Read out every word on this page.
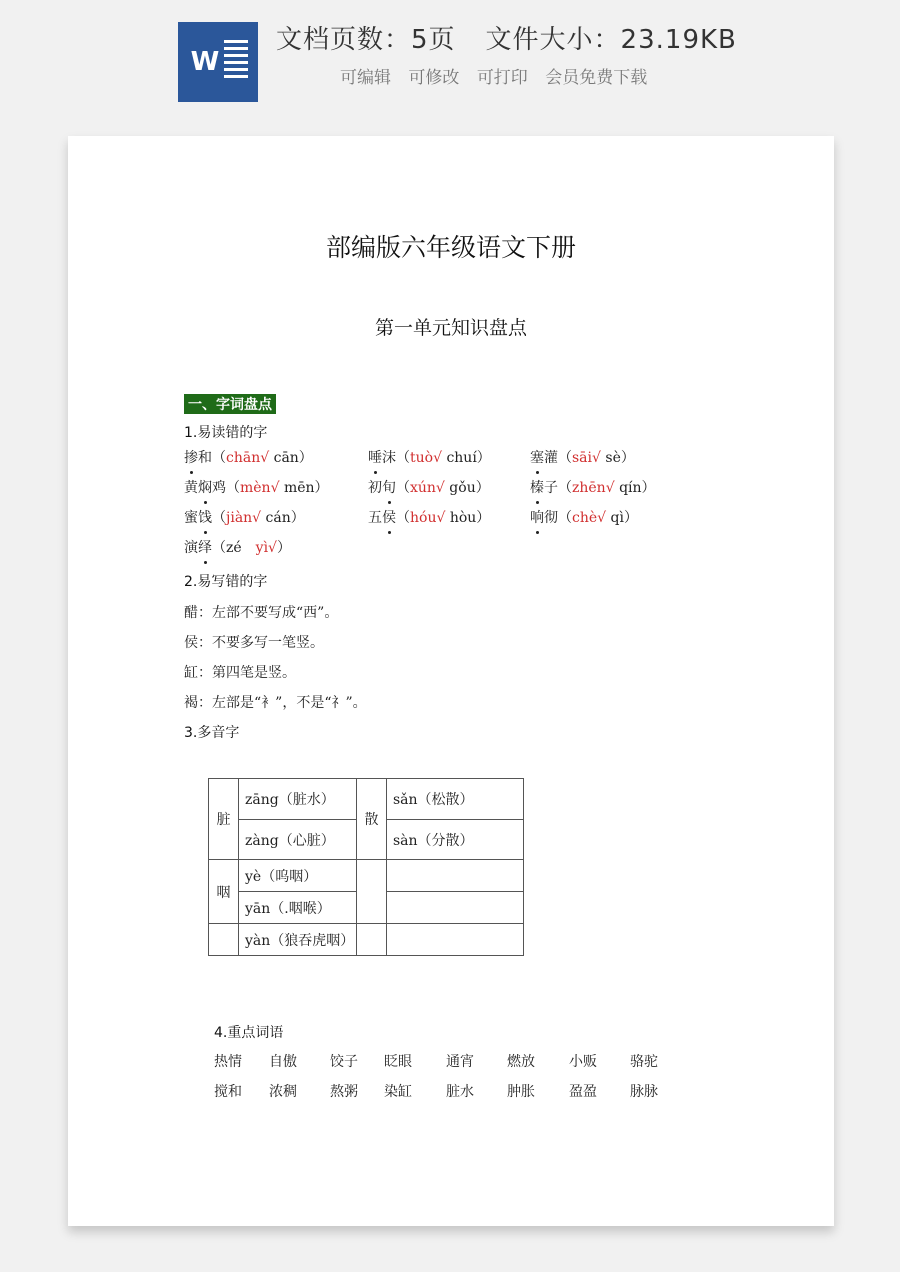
W
文档页数：5页 文件大小：23.19KB
可编辑 可修改 可打印 会员免费下载
部编版六年级语文下册
第一单元知识盘点
一、字词盘点
1.易读错的字
掺和（chān√ cān）	唾沫（tuò√ chuí）	塞灌（sāi√ sè）
黄焖鸡（mèn√ mēn）	初旬（xún√ gǒu）	榛子（zhēn√ qín）
蜜饯（jiàn√ cán）	五侯（hóu√ hòu）	响彻（chè√ qì）
演绎（zé　yì√）
2.易写错的字
醋：左部不要写成“西”。
侯：不要多写一笔竖。
缸：第四笔是竖。
褐：左部是“衤”，不是“礻”。
3.多音字
脏	zāng（脏水）	散	sǎn（松散）
	zàng（心脏）		sàn（分散）
咽	yè（呜咽）		
	yān（.咽喉）		
	yàn（狼吞虎咽）		
4.重点词语
热情 自傲 饺子 眨眼 通宵 燃放 小贩 骆驼
搅和 浓稠 熬粥 染缸 脏水 肿胀 盈盈 脉脉
